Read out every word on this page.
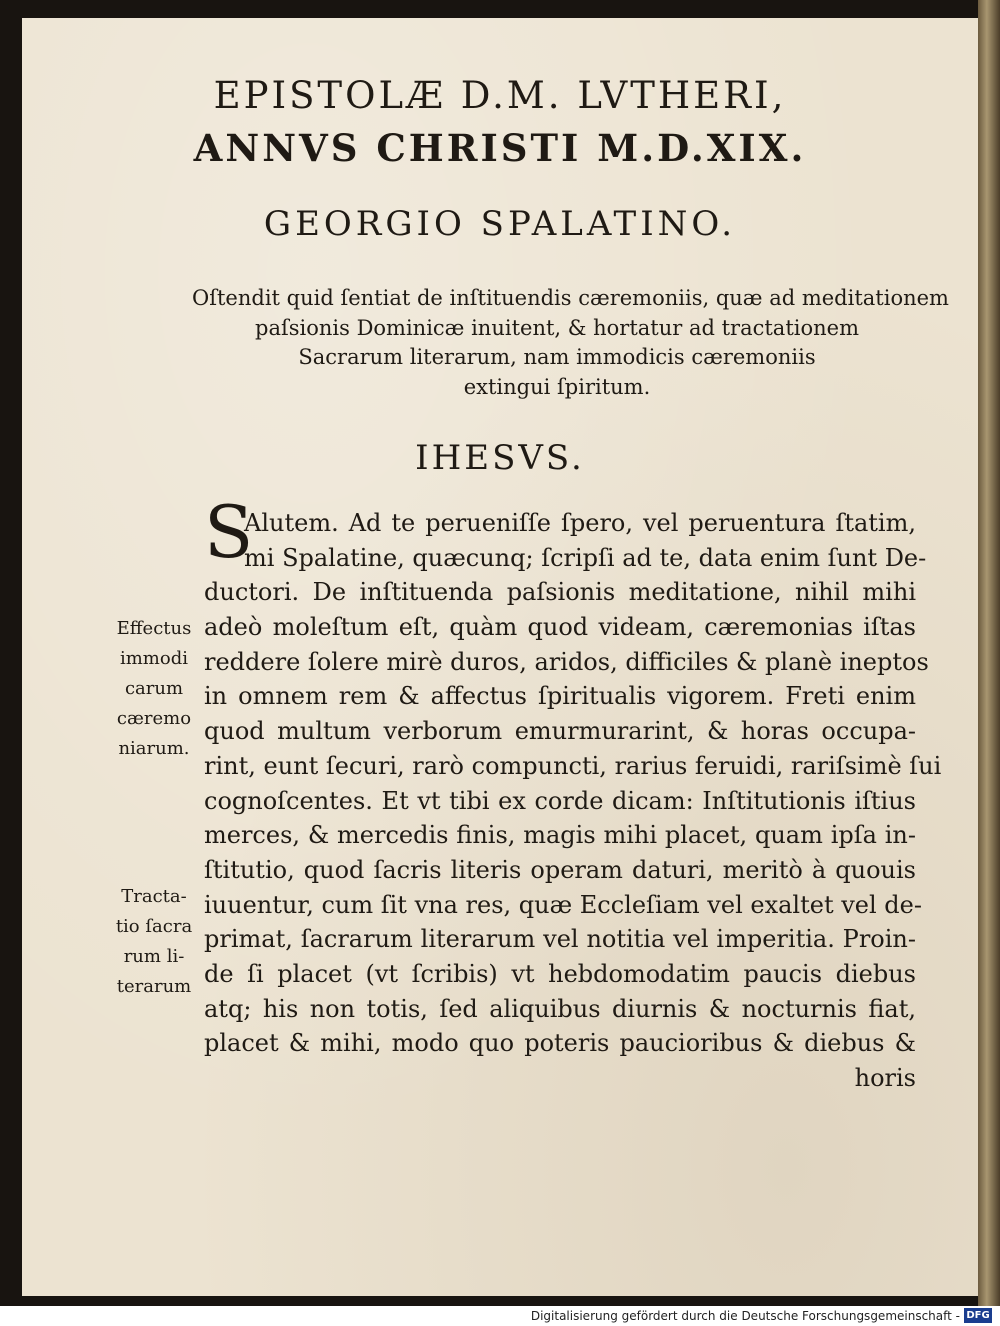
EPISTOLÆ D.M. LVTHERI,
ANNVS CHRISTI M.D.XIX.
GEORGIO SPALATINO.

Oſtendit quid ſentiat de inſtituendis cæremoniis, quæ ad meditationem
paſsionis Dominicæ inuitent, & hortatur ad tractationem
Sacrarum literarum, nam immodicis cæremoniis
extingui ſpiritum.

IHESVS.
Effectus
immodi
carum
cæremo
niarum.
Tracta-
tio ſacra
rum li-
terarum
S
Alutem. Ad te perueniſſe ſpero, vel peruentura ſtatim,
mi Spalatine, quæcunq; ſcripſi ad te, data enim ſunt De-
ductori. De inſtituenda paſsionis meditatione, nihil mihi
adeò moleſtum eſt, quàm quod videam, cæremonias iſtas
reddere ſolere mirè duros, aridos, difficiles & planè ineptos
in omnem rem & affectus ſpiritualis vigorem. Freti enim
quod multum verborum emurmurarint, & horas occupa-
rint, eunt ſecuri, rarò compuncti, rarius feruidi, rariſsimè ſui
cognoſcentes. Et vt tibi ex corde dicam: Inſtitutionis iſtius
merces, & mercedis finis, magis mihi placet, quam ipſa in-
ſtitutio, quod ſacris literis operam daturi, meritò à quouis
iuuentur, cum ſit vna res, quæ Eccleſiam vel exaltet vel de-
primat, ſacrarum literarum vel notitia vel imperitia. Proin-
de ſi placet (vt ſcribis) vt hebdomodatim paucis diebus
atq; his non totis, ſed aliquibus diurnis & nocturnis fiat,
placet & mihi, modo quo poteris paucioribus & diebus &
horis
Digitalisierung gefördert durch die Deutsche Forschungsgemeinschaft - DFG
